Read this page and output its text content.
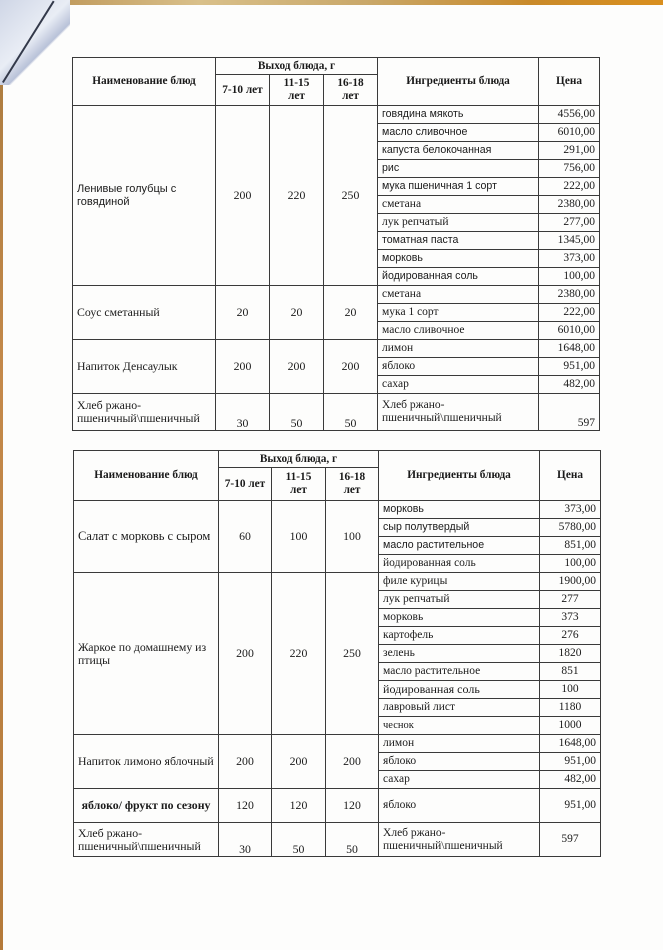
Наименование блюд	Выход блюда, г			Ингредиенты блюда	Цена
	7-10 лет	11-15 лет	16-18 лет		
Ленивые голубцы с говядиной	200	220	250	говядина мякоть	4556,00
				масло сливочное	6010,00
				капуста белокочанная	291,00
				рис	756,00
				мука пшеничная 1 сорт	222,00
				сметана	2380,00
				лук репчатый	277,00
				томатная паста	1345,00
				морковь	373,00
				йодированная соль	100,00
Соус сметанный	20	20	20	сметана	2380,00
				мука 1 сорт	222,00
				масло сливочное	6010,00
Напиток Денсаулык	200	200	200	лимон	1648,00
				яблоко	951,00
				сахар	482,00
Хлеб ржано-пшеничный\пшеничный	30	50	50	Хлеб ржано-пшеничный\пшеничный	597
Наименование блюд	Выход блюда, г			Ингредиенты блюда	Цена
	7-10 лет	11-15 лет	16-18 лет		
Салат с морковь с сыром	60	100	100	морковь	373,00
				сыр полутвердый	5780,00
				масло растительное	851,00
				йодированная соль	100,00
Жаркое по домашнему из птицы	200	220	250	филе курицы	1900,00
				лук репчатый	277
				морковь	373
				картофель	276
				зелень	1820
				масло растительное	851
				йодированная соль	100
				лавровый лист	1180
				чеснок	1000
Напиток лимоно яблочный	200	200	200	лимон	1648,00
				яблоко	951,00
				сахар	482,00
яблоко/ фрукт по сезону	120	120	120	яблоко	951,00
Хлеб ржано-пшеничный\пшеничный	30	50	50	Хлеб ржано-пшеничный\пшеничный	597
